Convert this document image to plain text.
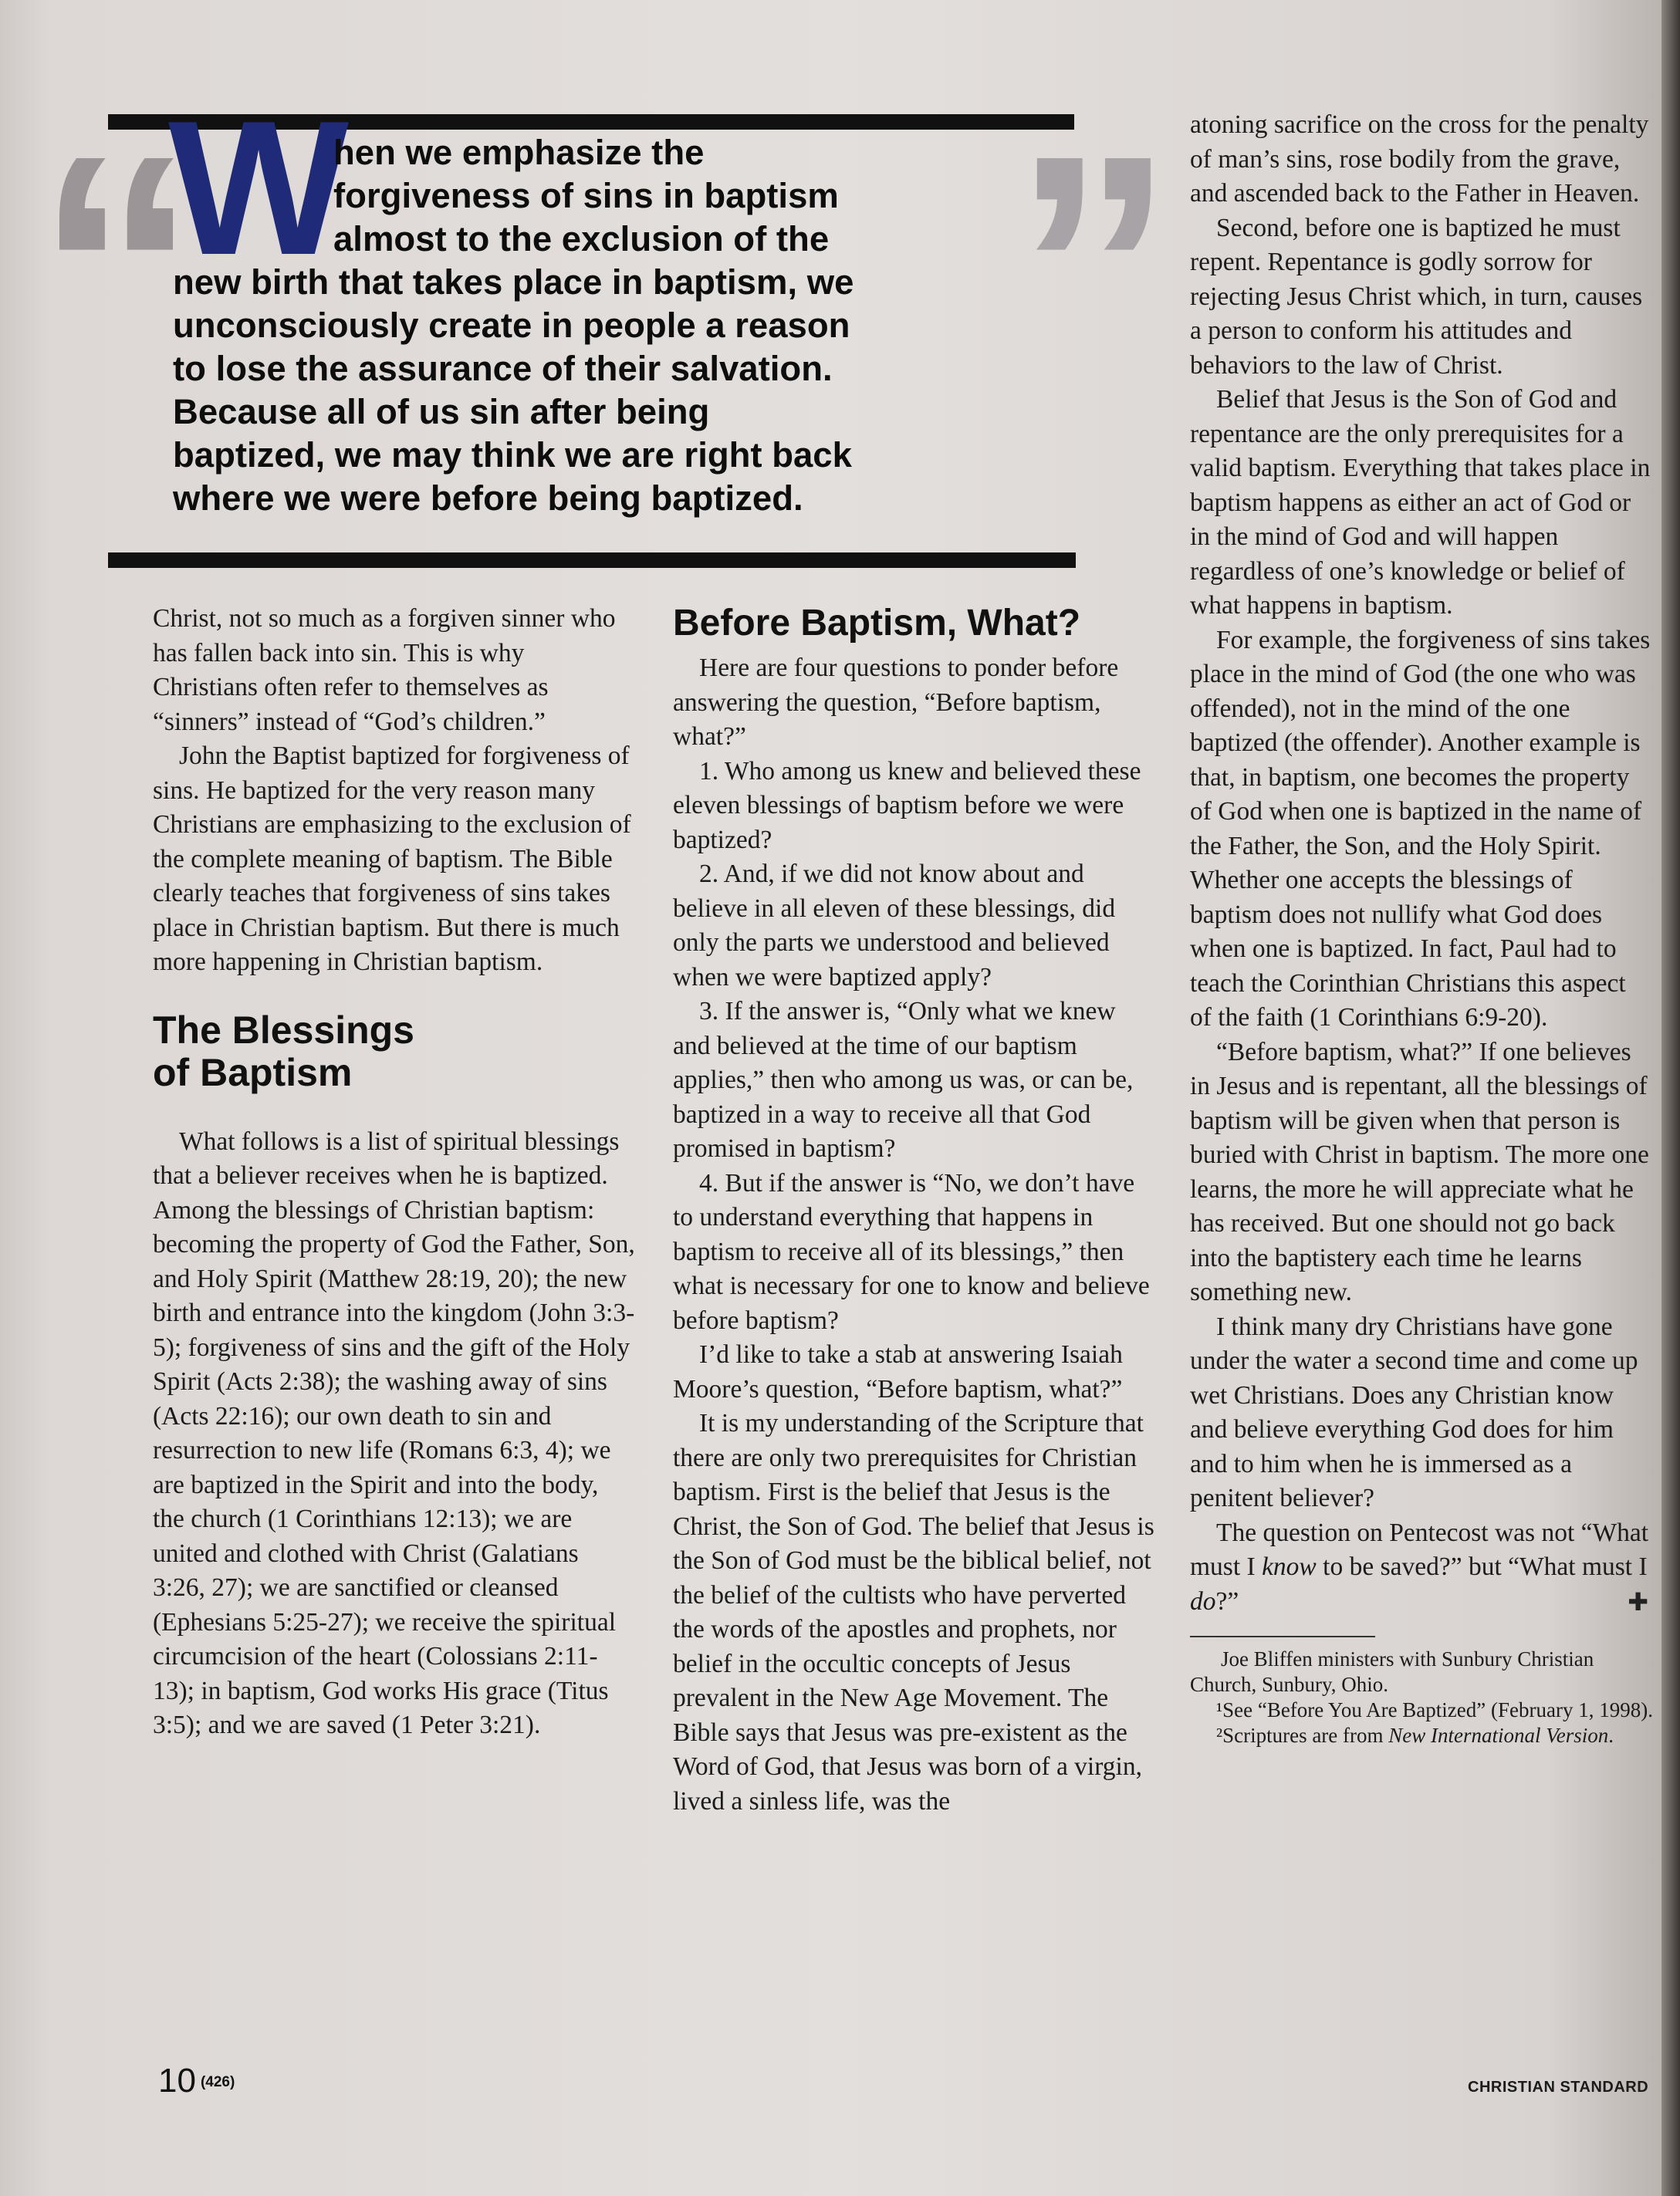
“	”
W
hen we emphasize the
forgiveness of sins in baptism
almost to the exclusion of the
new birth that takes place in baptism, we
unconsciously create in people a reason
to lose the assurance of their salvation.
Because all of us sin after being
baptized, we may think we are right back
where we were before being baptized.

Christ, not so much as a forgiven sinner who has fallen back into sin. This is why Christians often refer to themselves as “sinners” instead of “God’s children.”

John the Baptist baptized for forgiveness of sins. He baptized for the very reason many Christians are emphasizing to the exclusion of the complete meaning of baptism. The Bible clearly teaches that forgiveness of sins takes place in Christian baptism. But there is much more happening in Christian baptism.

The Blessings
of Baptism

What follows is a list of spiritual blessings that a believer receives when he is baptized. Among the blessings of Christian baptism: becoming the property of God the Father, Son, and Holy Spirit (Matthew 28:19, 20); the new birth and entrance into the kingdom (John 3:3-5); forgiveness of sins and the gift of the Holy Spirit (Acts 2:38); the washing away of sins (Acts 22:16); our own death to sin and resurrection to new life (Romans 6:3, 4); we are baptized in the Spirit and into the body, the church (1 Corinthians 12:13); we are united and clothed with Christ (Galatians 3:26, 27); we are sanctified or cleansed (Ephesians 5:25-27); we receive the spiritual circumcision of the heart (Colossians 2:11-13); in baptism, God works His grace (Titus 3:5); and we are saved (1 Peter 3:21).

Before Baptism, What?

Here are four questions to ponder before answering the question, “Before baptism, what?”

1. Who among us knew and believed these eleven blessings of baptism before we were baptized?

2. And, if we did not know about and believe in all eleven of these blessings, did only the parts we understood and believed when we were baptized apply?

3. If the answer is, “Only what we knew and believed at the time of our baptism applies,” then who among us was, or can be, baptized in a way to receive all that God promised in baptism?

4. But if the answer is “No, we don’t have to understand everything that happens in baptism to receive all of its blessings,” then what is necessary for one to know and believe before baptism?

I’d like to take a stab at answering Isaiah Moore’s question, “Before baptism, what?”

It is my understanding of the Scripture that there are only two prerequisites for Christian baptism. First is the belief that Jesus is the Christ, the Son of God. The belief that Jesus is the Son of God must be the biblical belief, not the belief of the cultists who have perverted the words of the apostles and prophets, nor belief in the occultic concepts of Jesus prevalent in the New Age Movement. The Bible says that Jesus was pre-existent as the Word of God, that Jesus was born of a virgin, lived a sinless life, was the

atoning sacrifice on the cross for the penalty of man’s sins, rose bodily from the grave, and ascended back to the Father in Heaven.

Second, before one is baptized he must repent. Repentance is godly sorrow for rejecting Jesus Christ which, in turn, causes a person to conform his attitudes and behaviors to the law of Christ.

Belief that Jesus is the Son of God and repentance are the only prerequisites for a valid baptism. Everything that takes place in baptism happens as either an act of God or in the mind of God and will happen regardless of one’s knowledge or belief of what happens in baptism.

For example, the forgiveness of sins takes place in the mind of God (the one who was offended), not in the mind of the one baptized (the offender). Another example is that, in baptism, one becomes the property of God when one is baptized in the name of the Father, the Son, and the Holy Spirit. Whether one accepts the blessings of baptism does not nullify what God does when one is baptized. In fact, Paul had to teach the Corinthian Christians this aspect of the faith (1 Corinthians 6:9-20).

“Before baptism, what?” If one believes in Jesus and is repentant, all the blessings of baptism will be given when that person is buried with Christ in baptism. The more one learns, the more he will appreciate what he has received. But one should not go back into the baptistery each time he learns something new.

I think many dry Christians have gone under the water a second time and come up wet Christians. Does any Christian know and believe everything God does for him and to him when he is immersed as a penitent believer?

The question on Pentecost was not “What must I know to be saved?” but “What must I do?”	✚

Joe Bliffen ministers with Sunbury Christian Church, Sunbury, Ohio.

¹See “Before You Are Baptized” (February 1, 1998).

²Scriptures are from New International Version.

10 (426)	CHRISTIAN STANDARD
